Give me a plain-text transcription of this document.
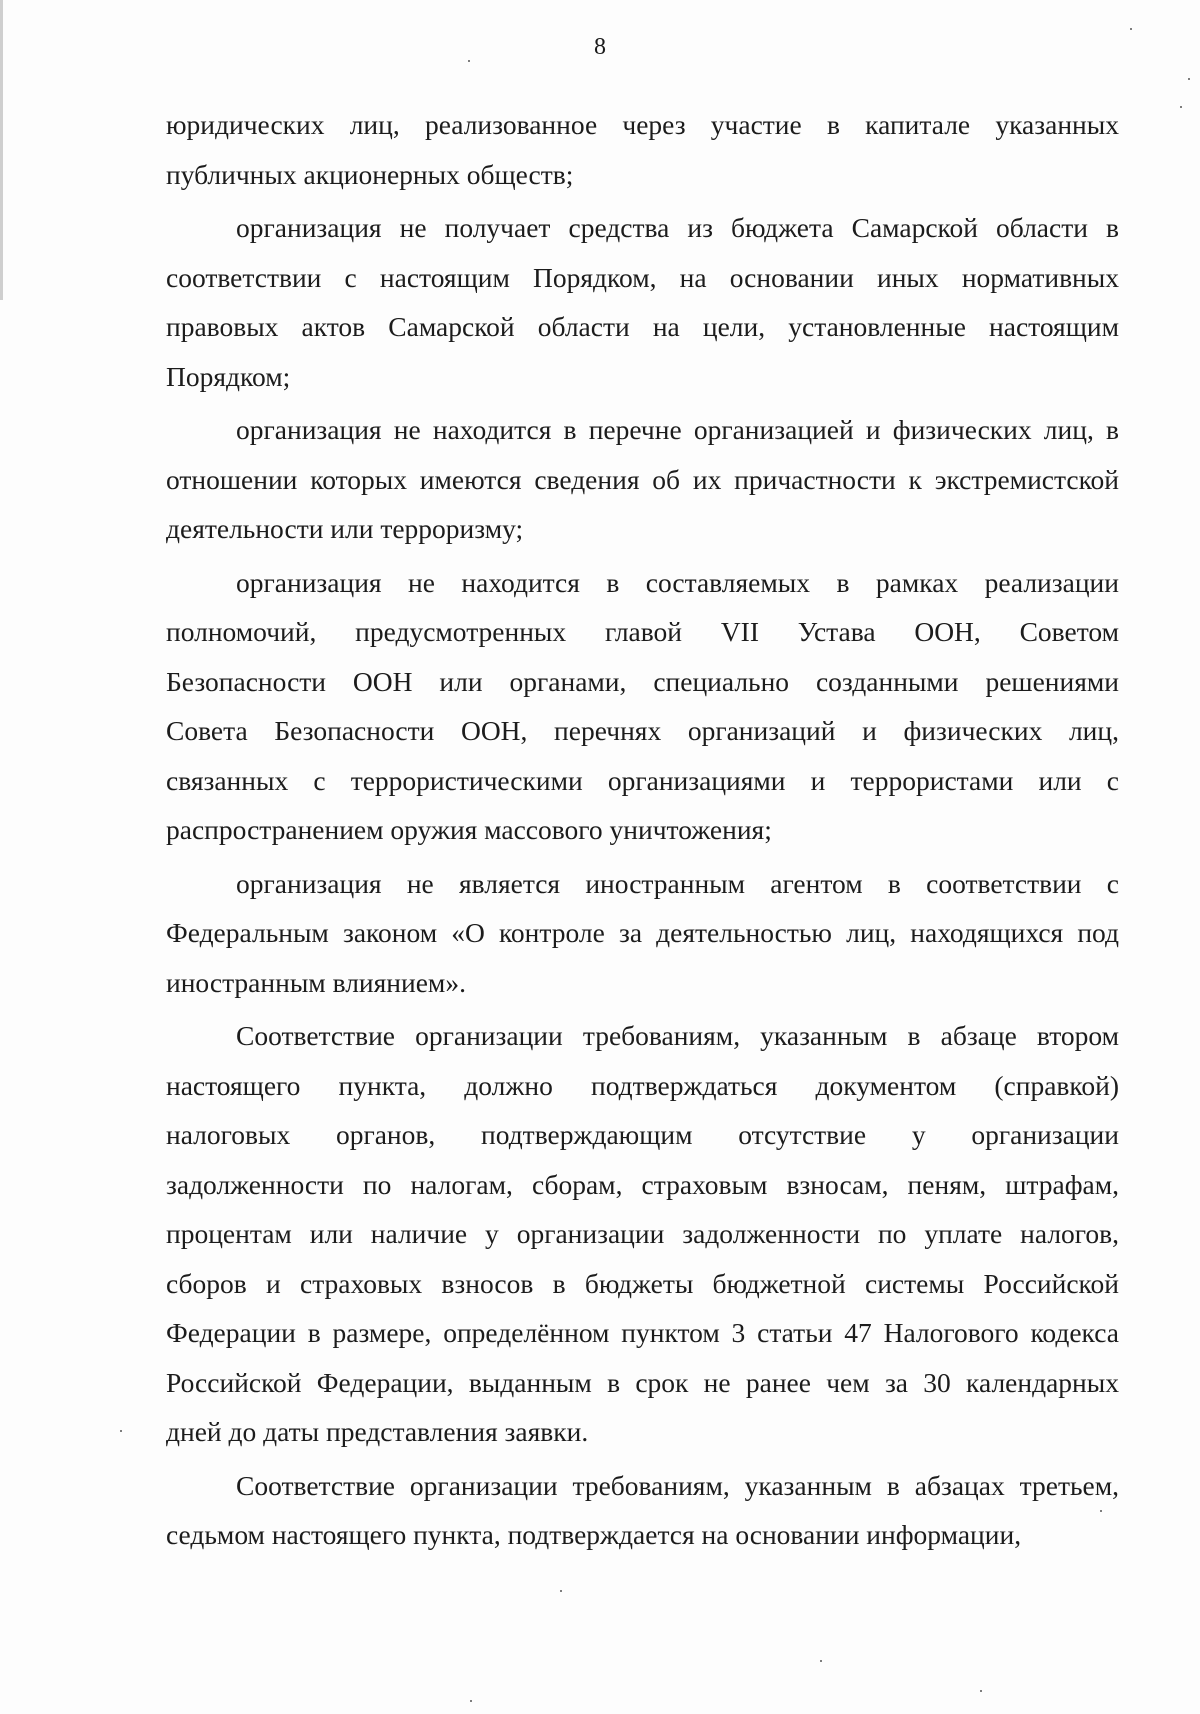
8
юридических лиц, реализованное через участие в капитале указанных
публичных акционерных обществ;
организация не получает средства из бюджета Самарской области в
соответствии с настоящим Порядком, на основании иных нормативных
правовых актов Самарской области на цели, установленные настоящим
Порядком;
организация не находится в перечне организацией и физических лиц, в
отношении которых имеются сведения об их причастности к экстремистской
деятельности или терроризму;
организация не находится в составляемых в рамках реализации
полномочий, предусмотренных главой VII Устава ООН, Советом
Безопасности ООН или органами, специально созданными решениями
Совета Безопасности ООН, перечнях организаций и физических лиц,
связанных с террористическими организациями и террористами или с
распространением оружия массового уничтожения;
организация не является иностранным агентом в соответствии с
Федеральным законом «О контроле за деятельностью лиц, находящихся под
иностранным влиянием».
Соответствие организации требованиям, указанным в абзаце втором
настоящего пункта, должно подтверждаться документом (справкой)
налоговых органов, подтверждающим отсутствие у организации
задолженности по налогам, сборам, страховым взносам, пеням, штрафам,
процентам или наличие у организации задолженности по уплате налогов,
сборов и страховых взносов в бюджеты бюджетной системы Российской
Федерации в размере, определённом пунктом 3 статьи 47 Налогового кодекса
Российской Федерации, выданным в срок не ранее чем за 30 календарных
дней до даты представления заявки.
Соответствие организации требованиям, указанным в абзацах третьем,
седьмом настоящего пункта, подтверждается на основании информации,
